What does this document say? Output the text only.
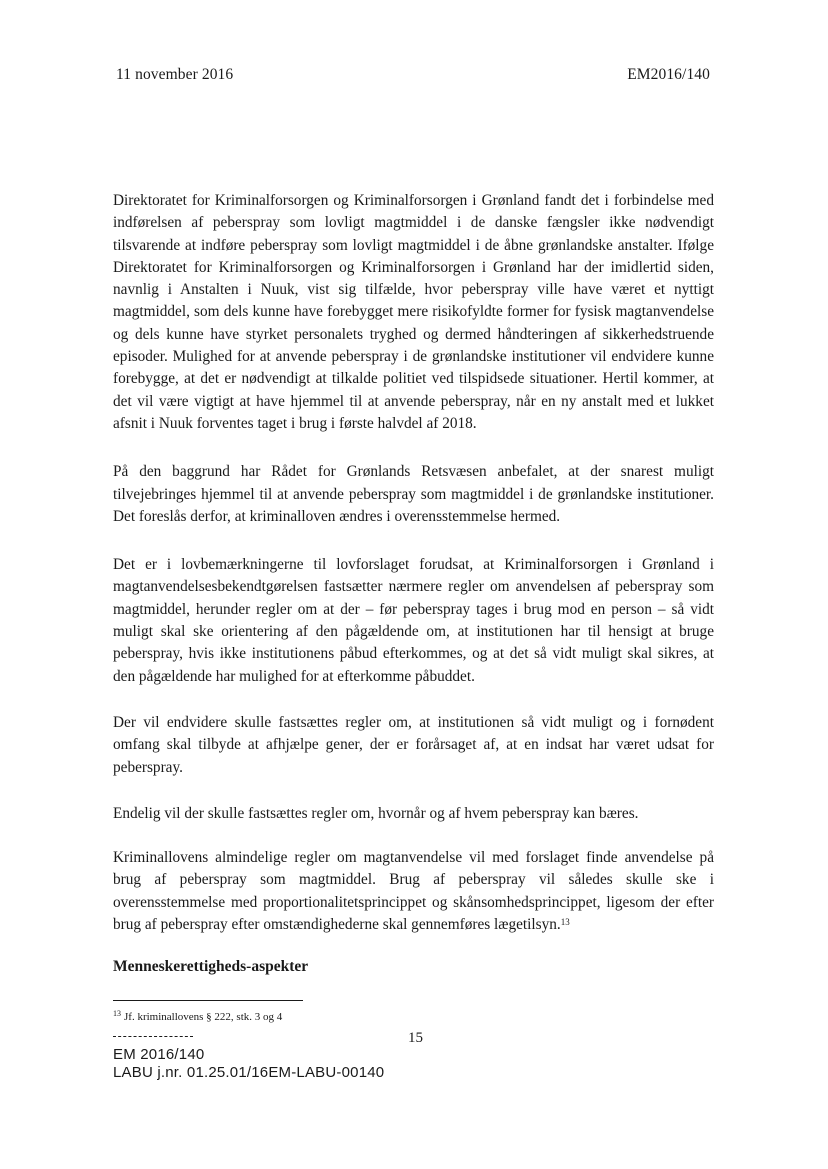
11 november 2016	EM2016/140

Direktoratet for Kriminalforsorgen og Kriminalforsorgen i Grønland fandt det i forbindelse med indførelsen af peberspray som lovligt magtmiddel i de danske fængsler ikke nødvendigt tilsvarende at indføre peberspray som lovligt magtmiddel i de åbne grønlandske anstalter. Ifølge Direktoratet for Kriminalforsorgen og Kriminalforsorgen i Grønland har der imidlertid siden, navnlig i Anstalten i Nuuk, vist sig tilfælde, hvor peberspray ville have været et nyttigt magtmiddel, som dels kunne have forebygget mere risikofyldte former for fysisk magtanvendelse og dels kunne have styrket personalets tryghed og dermed håndteringen af sikkerhedstruende episoder. Mulighed for at anvende peberspray i de grønlandske institutioner vil endvidere kunne forebygge, at det er nødvendigt at tilkalde politiet ved tilspidsede situationer. Hertil kommer, at det vil være vigtigt at have hjemmel til at anvende peberspray, når en ny anstalt med et lukket afsnit i Nuuk forventes taget i brug i første halvdel af 2018.

På den baggrund har Rådet for Grønlands Retsvæsen anbefalet, at der snarest muligt tilvejebringes hjemmel til at anvende peberspray som magtmiddel i de grønlandske institutioner. Det foreslås derfor, at kriminalloven ændres i overensstemmelse hermed.

Det er i lovbemærkningerne til lovforslaget forudsat, at Kriminalforsorgen i Grønland i magtanvendelsesbekendtgørelsen fastsætter nærmere regler om anvendelsen af peberspray som magtmiddel, herunder regler om at der – før peberspray tages i brug mod en person – så vidt muligt skal ske orientering af den pågældende om, at institutionen har til hensigt at bruge peberspray, hvis ikke institutionens påbud efterkommes, og at det så vidt muligt skal sikres, at den pågældende har mulighed for at efterkomme påbuddet.

Der vil endvidere skulle fastsættes regler om, at institutionen så vidt muligt og i fornødent omfang skal tilbyde at afhjælpe gener, der er forårsaget af, at en indsat har været udsat for peberspray.

Endelig vil der skulle fastsættes regler om, hvornår og af hvem peberspray kan bæres.

Kriminallovens almindelige regler om magtanvendelse vil med forslaget finde anvendelse på brug af peberspray som magtmiddel. Brug af peberspray vil således skulle ske i overensstemmelse med proportionalitetsprincippet og skånsomhedsprincippet, ligesom der efter brug af peberspray efter omstændighederne skal gennemføres lægetilsyn.$^{13}$

Menneskerettigheds-aspekter

$^{13}$ Jf. kriminallovens § 222, stk. 3 og 4
15
EM 2016/140
LABU j.nr. 01.25.01/16EM-LABU-00140
